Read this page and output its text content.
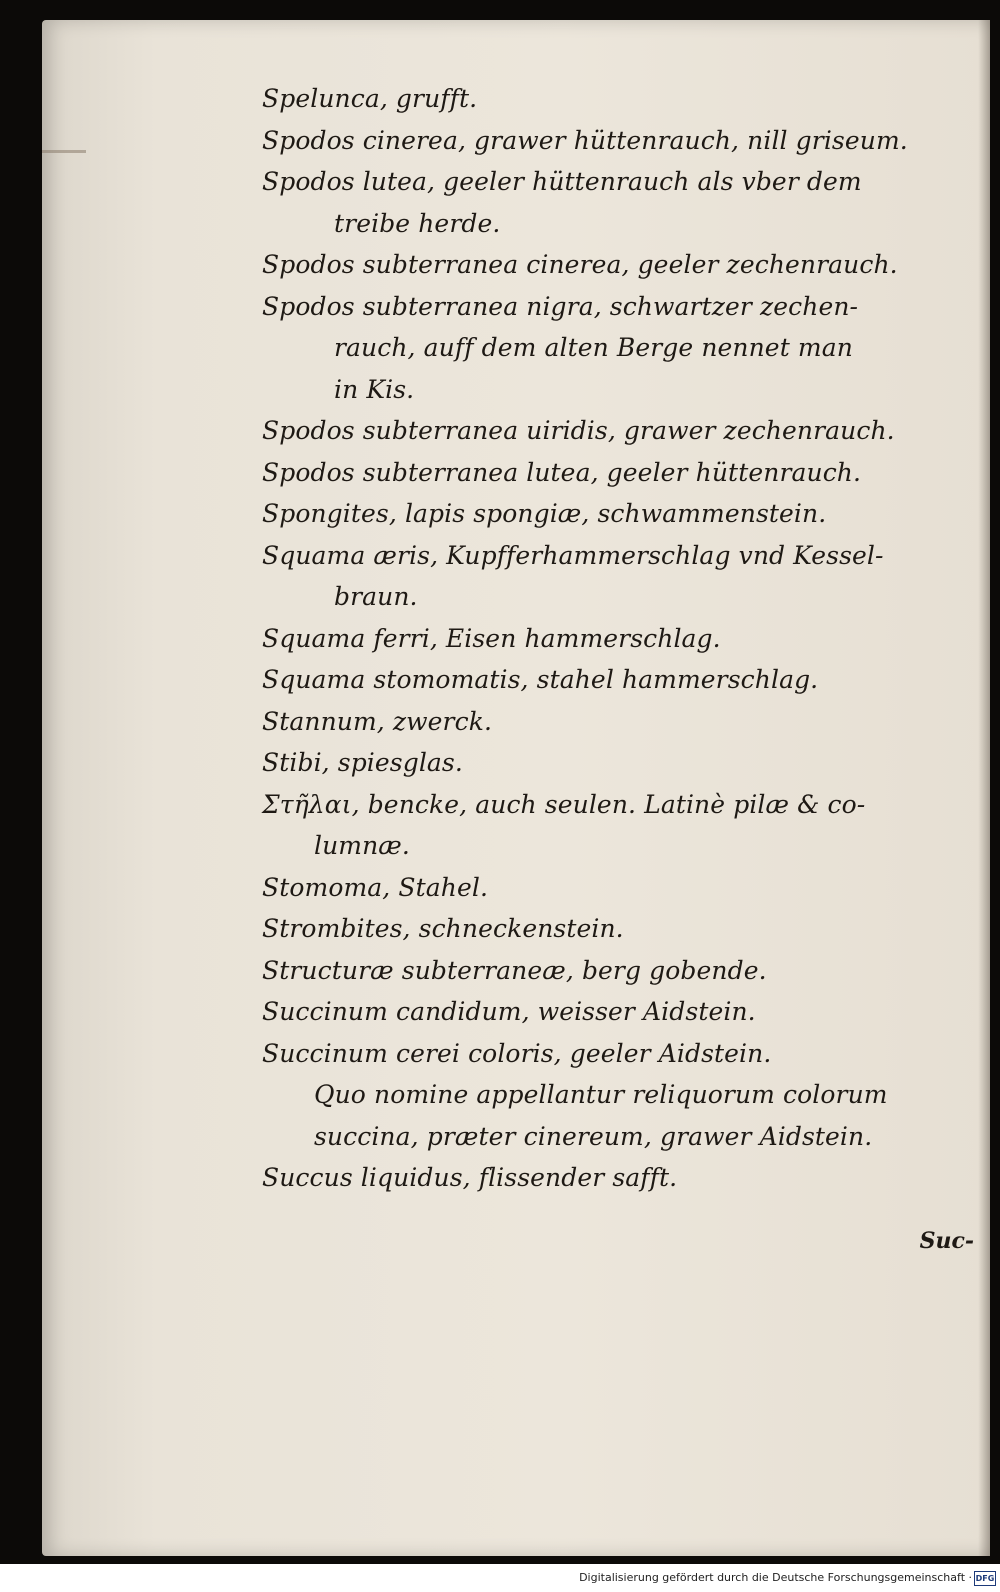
Spelunca, grufft.
Spodos cinerea, grawer hüttenrauch, nill griseum.
Spodos lutea, geeler hüttenrauch als vber dem
treibe herde.
Spodos subterranea cinerea, geeler zechenrauch.
Spodos subterranea nigra, schwartzer zechen-
rauch, auff dem alten Berge nennet man
in Kis.
Spodos subterranea uiridis, grawer zechenrauch.
Spodos subterranea lutea, geeler hüttenrauch.
Spongites, lapis spongiæ, schwammenstein.
Squama æris, Kupfferhammerschlag vnd Kessel-
braun.
Squama ferri, Eisen hammerschlag.
Squama stomomatis, stahel hammerschlag.
Stannum, zwerck.
Stibi, spiesglas.
Στῆλαι, bencke, auch seulen. Latinè pilæ & co-
lumnæ.
Stomoma, Stahel.
Strombites, schneckenstein.
Structuræ subterraneæ, berg gobende.
Succinum candidum, weisser Aidstein.
Succinum cerei coloris, geeler Aidstein.
Quo nomine appellantur reliquorum colorum
succina, præter cinereum, grawer Aidstein.
Succus liquidus, flissender safft.
Suc-
Digitalisierung gefördert durch die Deutsche Forschungsgemeinschaft · DFG
